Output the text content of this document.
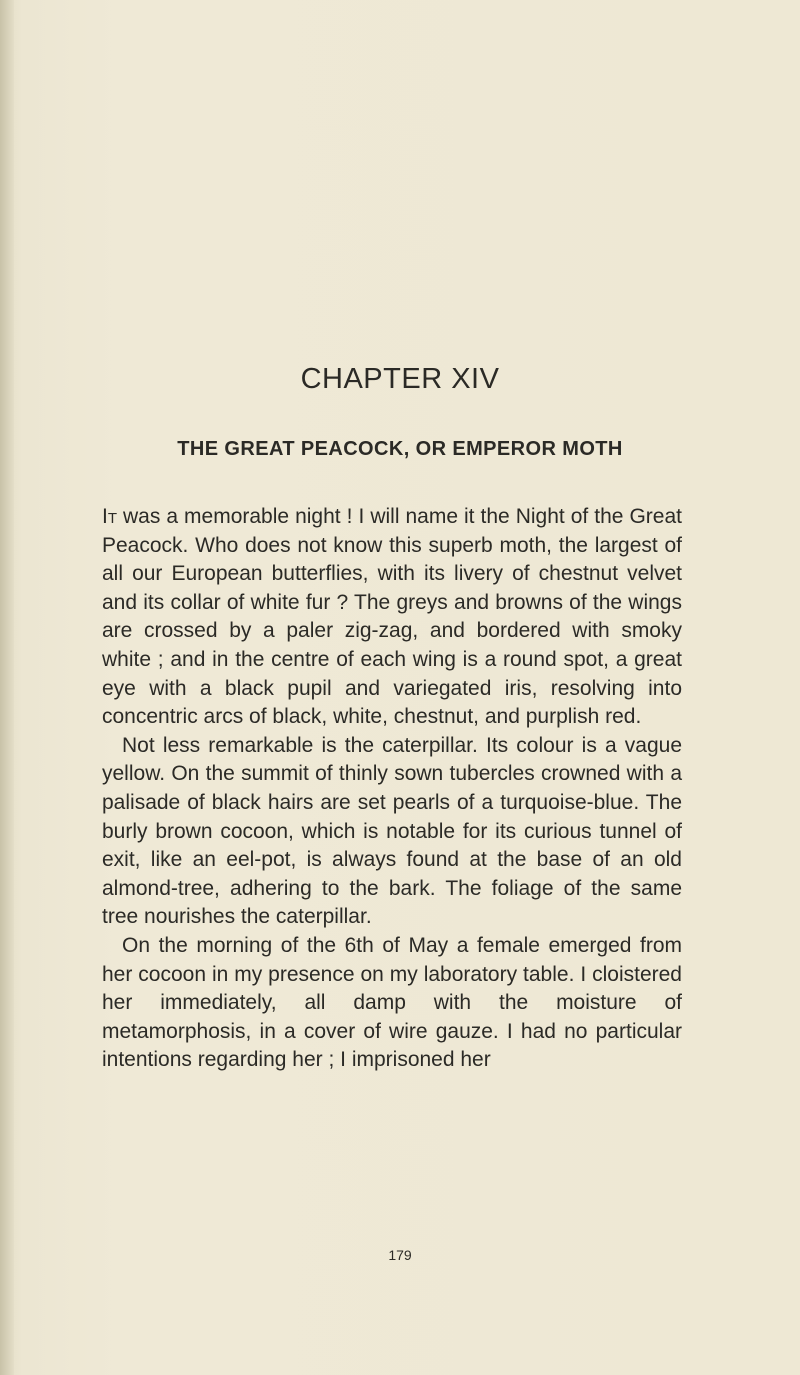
CHAPTER XIV
THE GREAT PEACOCK, OR EMPEROR MOTH

It was a memorable night ! I will name it the Night of the Great Peacock. Who does not know this superb moth, the largest of all our European butterflies, with its livery of chestnut velvet and its collar of white fur ? The greys and browns of the wings are crossed by a paler zig-zag, and bordered with smoky white ; and in the centre of each wing is a round spot, a great eye with a black pupil and variegated iris, resolving into concentric arcs of black, white, chestnut, and purplish red.

Not less remarkable is the caterpillar. Its colour is a vague yellow. On the summit of thinly sown tubercles crowned with a palisade of black hairs are set pearls of a turquoise-blue. The burly brown cocoon, which is notable for its curious tunnel of exit, like an eel-pot, is always found at the base of an old almond-tree, adhering to the bark. The foliage of the same tree nourishes the caterpillar.

On the morning of the 6th of May a female emerged from her cocoon in my presence on my laboratory table. I cloistered her immediately, all damp with the moisture of metamorphosis, in a cover of wire gauze. I had no particular intentions regarding her ; I imprisoned her

179
